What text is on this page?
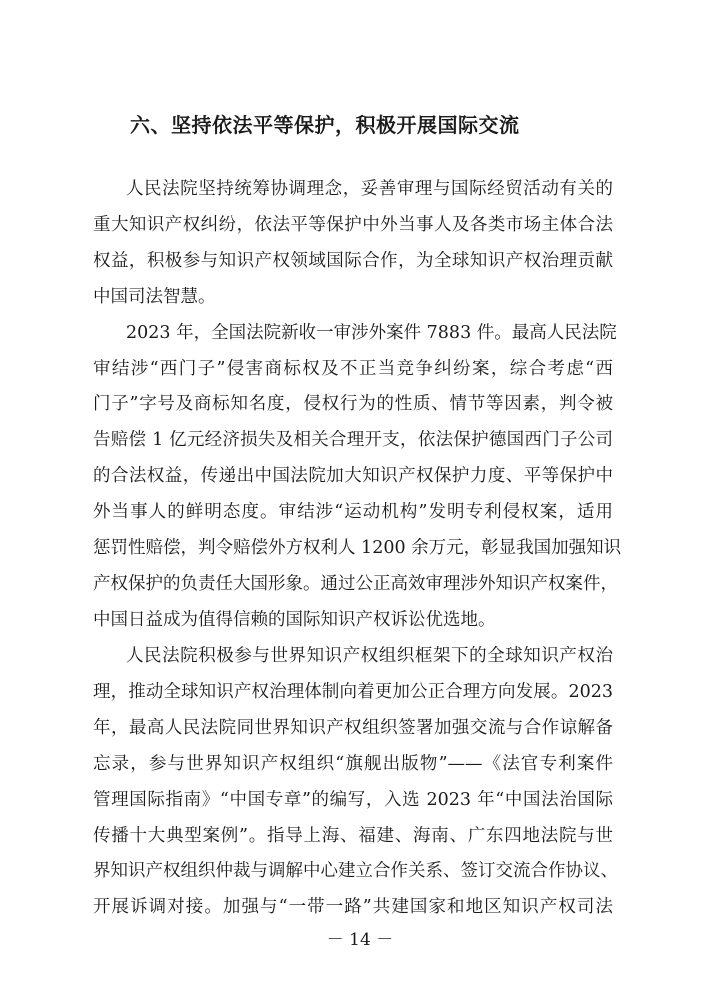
六、坚持依法平等保护，积极开展国际交流
人民法院坚持统筹协调理念，妥善审理与国际经贸活动有关的
重大知识产权纠纷，依法平等保护中外当事人及各类市场主体合法
权益，积极参与知识产权领域国际合作，为全球知识产权治理贡献
中国司法智慧。
2023 年，全国法院新收一审涉外案件 7883 件。最高人民法院
审结涉“西门子”侵害商标权及不正当竞争纠纷案，综合考虑“西
门子”字号及商标知名度，侵权行为的性质、情节等因素，判令被
告赔偿 1 亿元经济损失及相关合理开支，依法保护德国西门子公司
的合法权益，传递出中国法院加大知识产权保护力度、平等保护中
外当事人的鲜明态度。审结涉“运动机构”发明专利侵权案，适用
惩罚性赔偿，判令赔偿外方权利人 1200 余万元，彰显我国加强知识
产权保护的负责任大国形象。通过公正高效审理涉外知识产权案件，
中国日益成为值得信赖的国际知识产权诉讼优选地。
人民法院积极参与世界知识产权组织框架下的全球知识产权治
理，推动全球知识产权治理体制向着更加公正合理方向发展。2023
年，最高人民法院同世界知识产权组织签署加强交流与合作谅解备
忘录，参与世界知识产权组织“旗舰出版物”——《法官专利案件
管理国际指南》“中国专章”的编写，入选 2023 年“中国法治国际
传播十大典型案例”。指导上海、福建、海南、广东四地法院与世
界知识产权组织仲裁与调解中心建立合作关系、签订交流合作协议、
开展诉调对接。加强与“一带一路”共建国家和地区知识产权司法
－ 14 －
